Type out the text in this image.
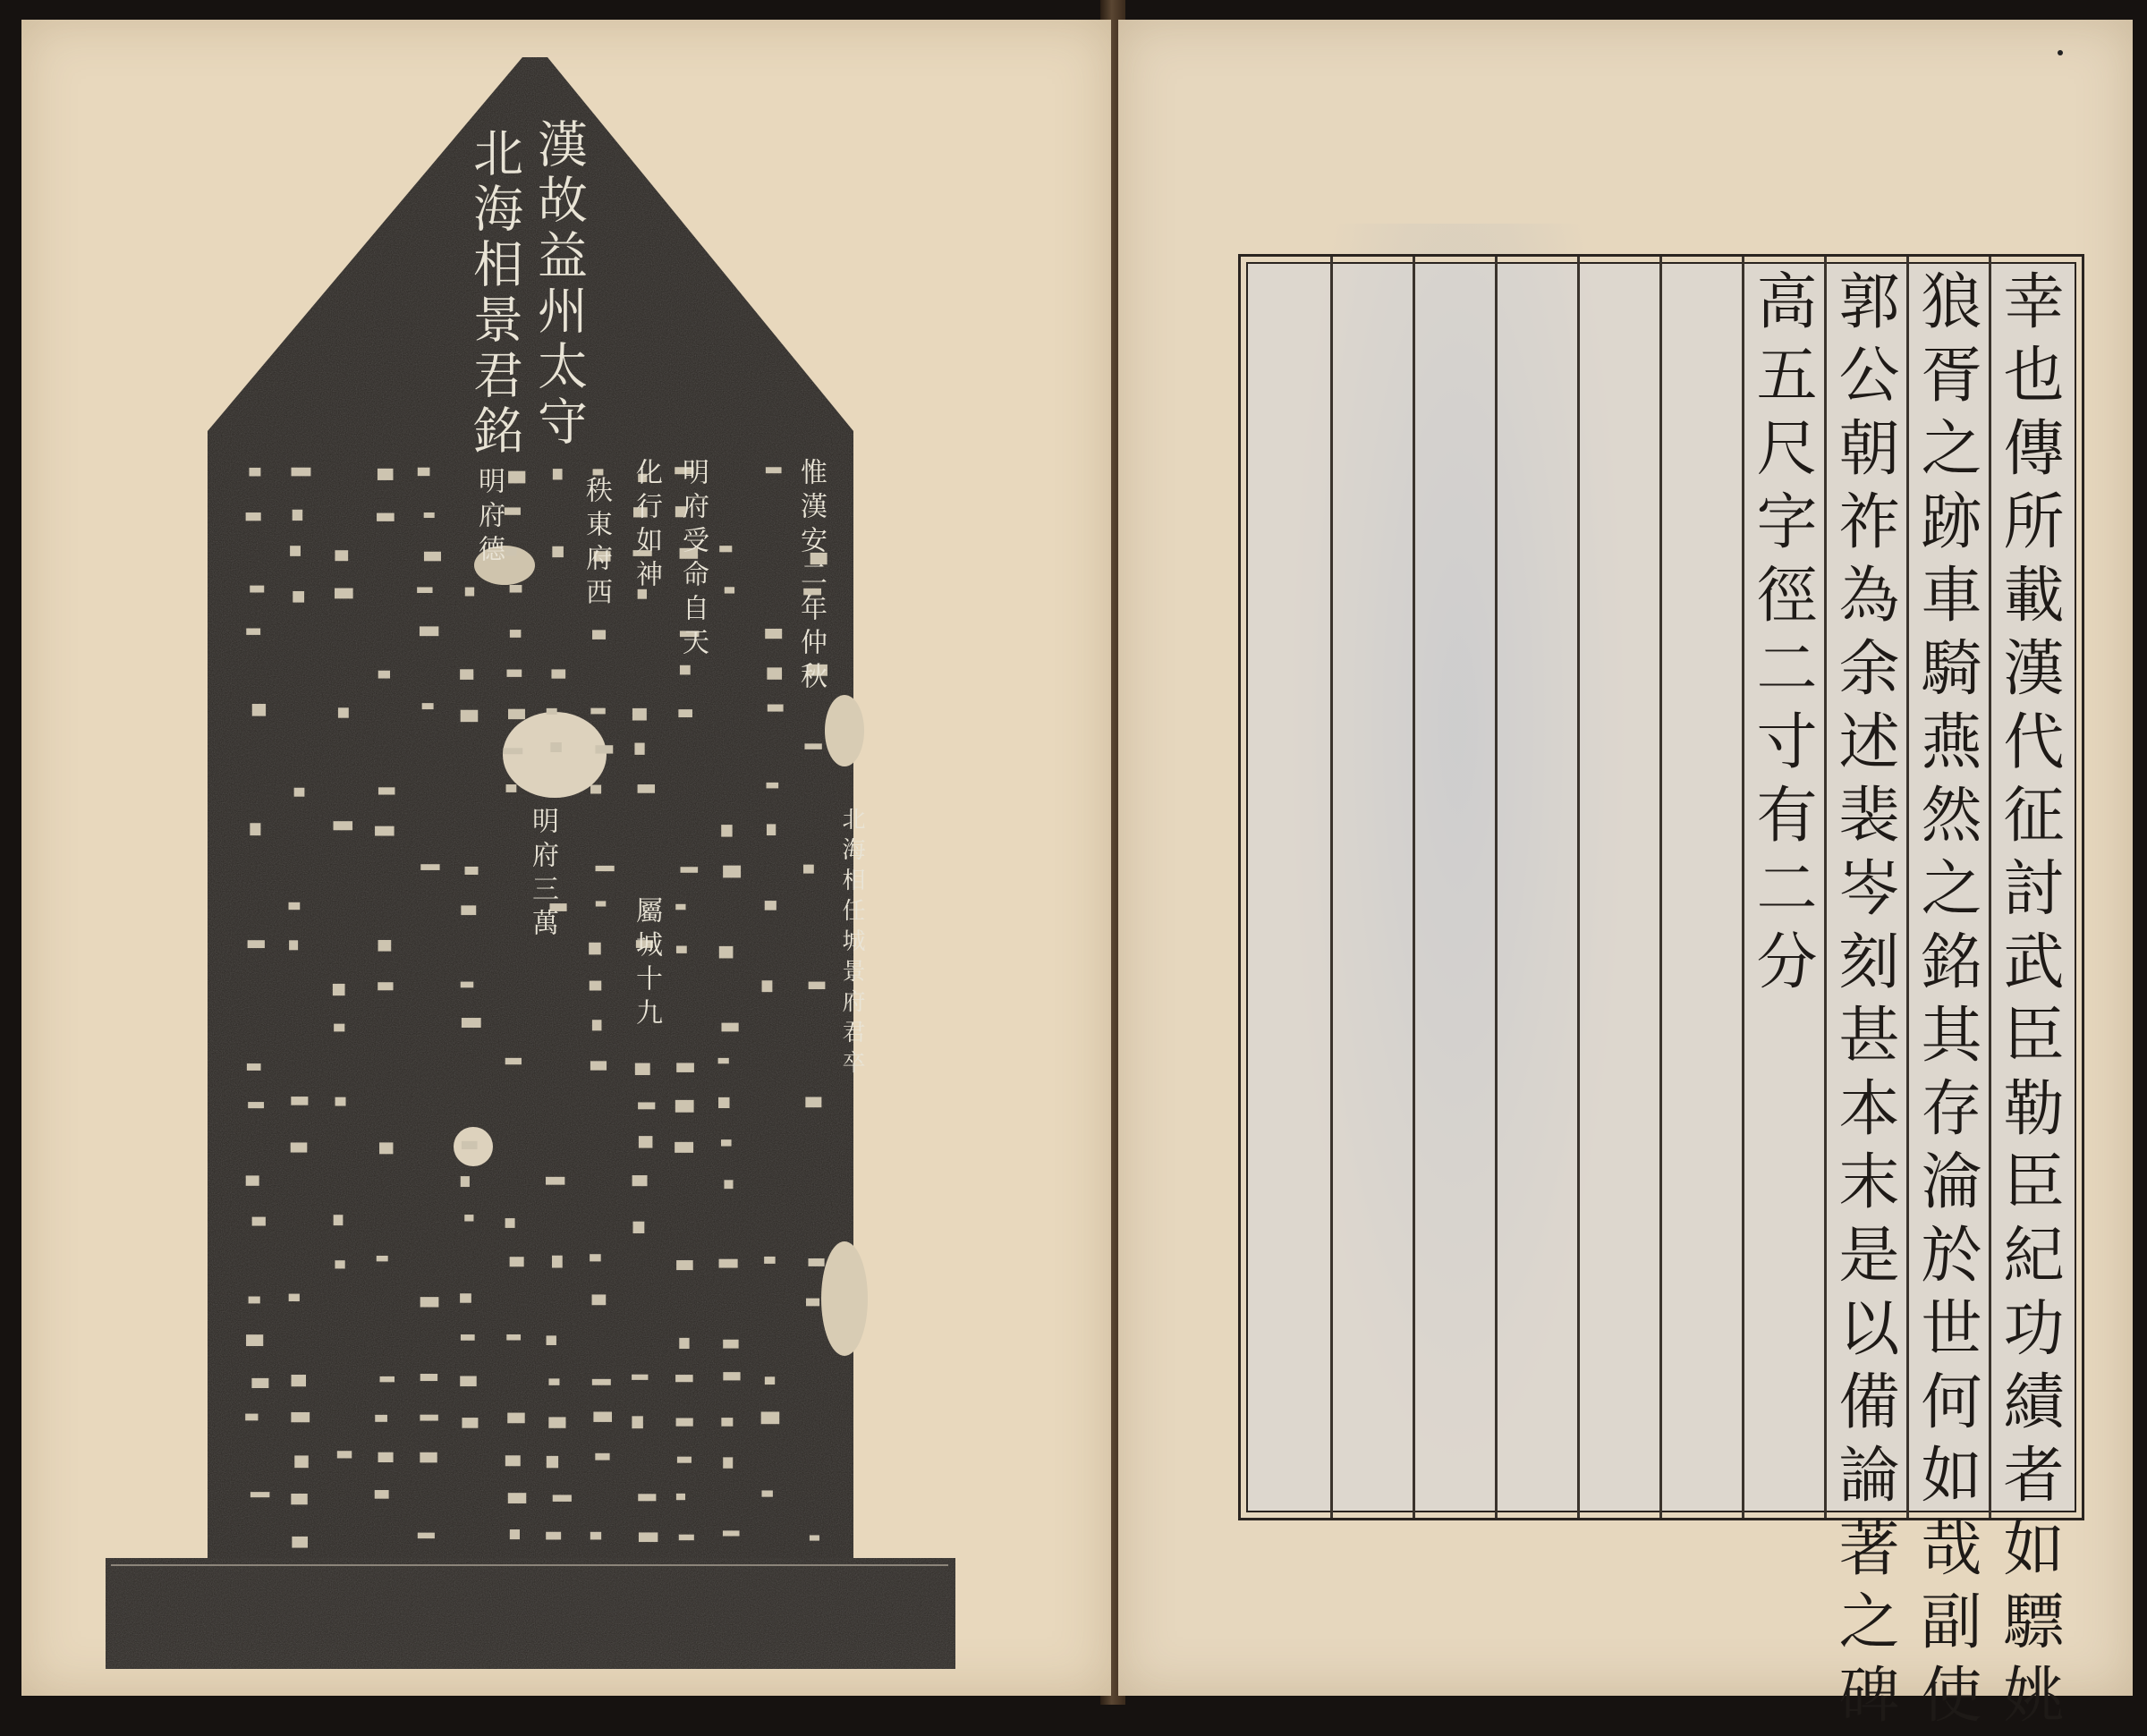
漢故益州太守
北海相景君銘
惟漢安二年仲秋
北海相任城景府君卒
明府受命自天
化行如神
秩東府西
明府三萬
屬城十九
明府德	幸也傳所載漢代征討武臣勒臣紀功績者如驃姚
狼胥之跡車騎燕然之銘其存淪於世何如哉副使
郭公朝祚為余述裴岑刻甚本末是以備論著之碑
高五尺字徑二寸有二分
